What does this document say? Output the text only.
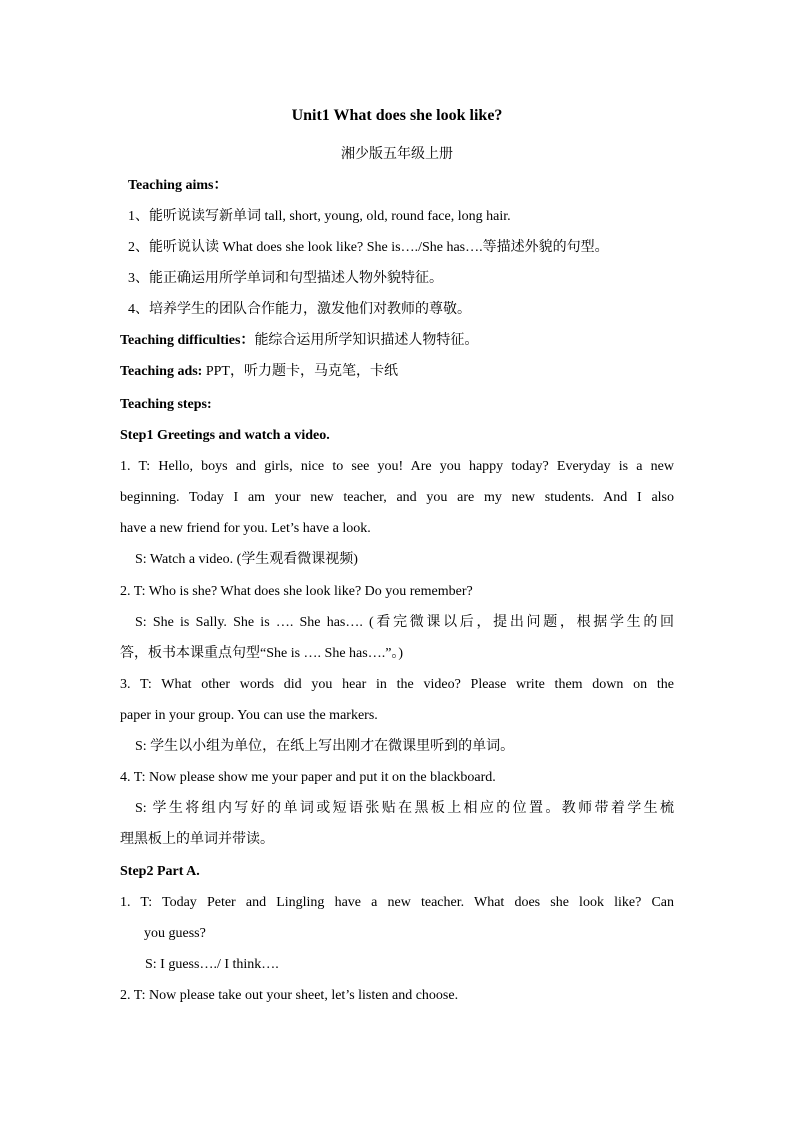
Unit1 What does she look like?
湘少版五年级上册
Teaching aims：
1、能听说读写新单词 tall, short, young, old, round face, long hair.
2、能听说认读 What does she look like? She is…./She has….等描述外貌的句型。
3、能正确运用所学单词和句型描述人物外貌特征。
4、培养学生的团队合作能力，激发他们对教师的尊敬。
Teaching difficulties：能综合运用所学知识描述人物特征。
Teaching ads: PPT，听力题卡，马克笔，卡纸
Teaching steps:
Step1 Greetings and watch a video.
1. T: Hello, boys and girls, nice to see you! Are you happy today? Everyday is a new
beginning. Today I am your new teacher, and you are my new students. And I also
have a new friend for you. Let’s have a look.
S: Watch a video. (学生观看微课视频)
2. T: Who is she? What does she look like? Do you remember?
S: She is Sally. She is …. She has…. (看完微课以后，提出问题，根据学生的回
答，板书本课重点句型“She is …. She has….”。)
3. T: What other words did you hear in the video? Please write them down on the
paper in your group. You can use the markers.
S: 学生以小组为单位，在纸上写出刚才在微课里听到的单词。
4. T: Now please show me your paper and put it on the blackboard.
S: 学生将组内写好的单词或短语张贴在黑板上相应的位置。教师带着学生梳
理黑板上的单词并带读。
Step2 Part A.
1. T: Today Peter and Lingling have a new teacher. What does she look like? Can
you guess?
S: I guess…./ I think….
2. T: Now please take out your sheet, let’s listen and choose.
